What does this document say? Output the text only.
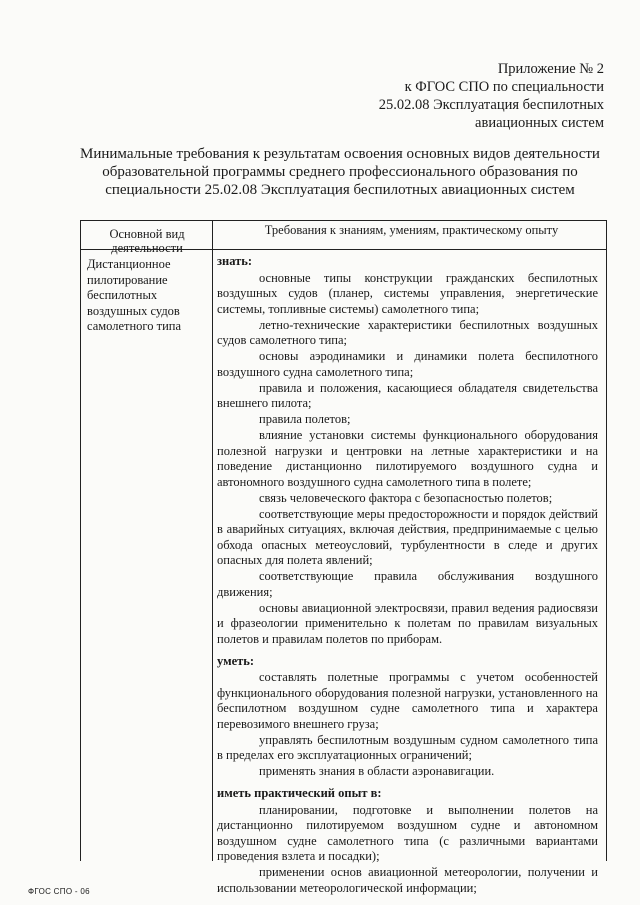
Приложение № 2
к ФГОС СПО по специальности
25.02.08 Эксплуатация беспилотных
авиационных систем
Минимальные требования к результатам освоения основных видов деятельности
образовательной программы среднего профессионального образования по
специальности 25.02.08 Эксплуатация беспилотных авиационных систем
Основной вид деятельности
Требования к знаниям, умениям, практическому опыту
Дистанционное пилотирование беспилотных воздушных судов самолетного типа
знать:

основные типы конструкции гражданских беспилотных воздушных судов (планер, системы управления, энергетические системы, топливные системы) самолетного типа;

летно-технические характеристики беспилотных воздушных судов самолетного типа;

основы аэродинамики и динамики полета беспилотного воздушного судна самолетного типа;

правила и положения, касающиеся обладателя свидетельства внешнего пилота;

правила полетов;

влияние установки системы функционального оборудования полезной нагрузки и центровки на летные характеристики и на поведение дистанционно пилотируемого воздушного судна и автономного воздушного судна самолетного типа в полете;

связь человеческого фактора с безопасностью полетов;

соответствующие меры предосторожности и порядок действий в аварийных ситуациях, включая действия, предпринимаемые с целью обхода опасных метеоусловий, турбулентности в следе и других опасных для полета явлений;

соответствующие правила обслуживания воздушного движения;

основы авиационной электросвязи, правил ведения радиосвязи и фразеологии применительно к полетам по правилам визуальных полетов и правилам полетов по приборам.

уметь:

составлять полетные программы с учетом особенностей функционального оборудования полезной нагрузки, установленного на беспилотном воздушном судне самолетного типа и характера перевозимого внешнего груза;

управлять беспилотным воздушным судном самолетного типа в пределах его эксплуатационных ограничений;

применять знания в области аэронавигации.

иметь практический опыт в:

планировании, подготовке и выполнении полетов на дистанционно пилотируемом воздушном судне и автономном воздушном судне самолетного типа (с различными вариантами проведения взлета и посадки);

применении основ авиационной метеорологии, получении и использовании метеорологической информации;

ФГОС СПО - 06
